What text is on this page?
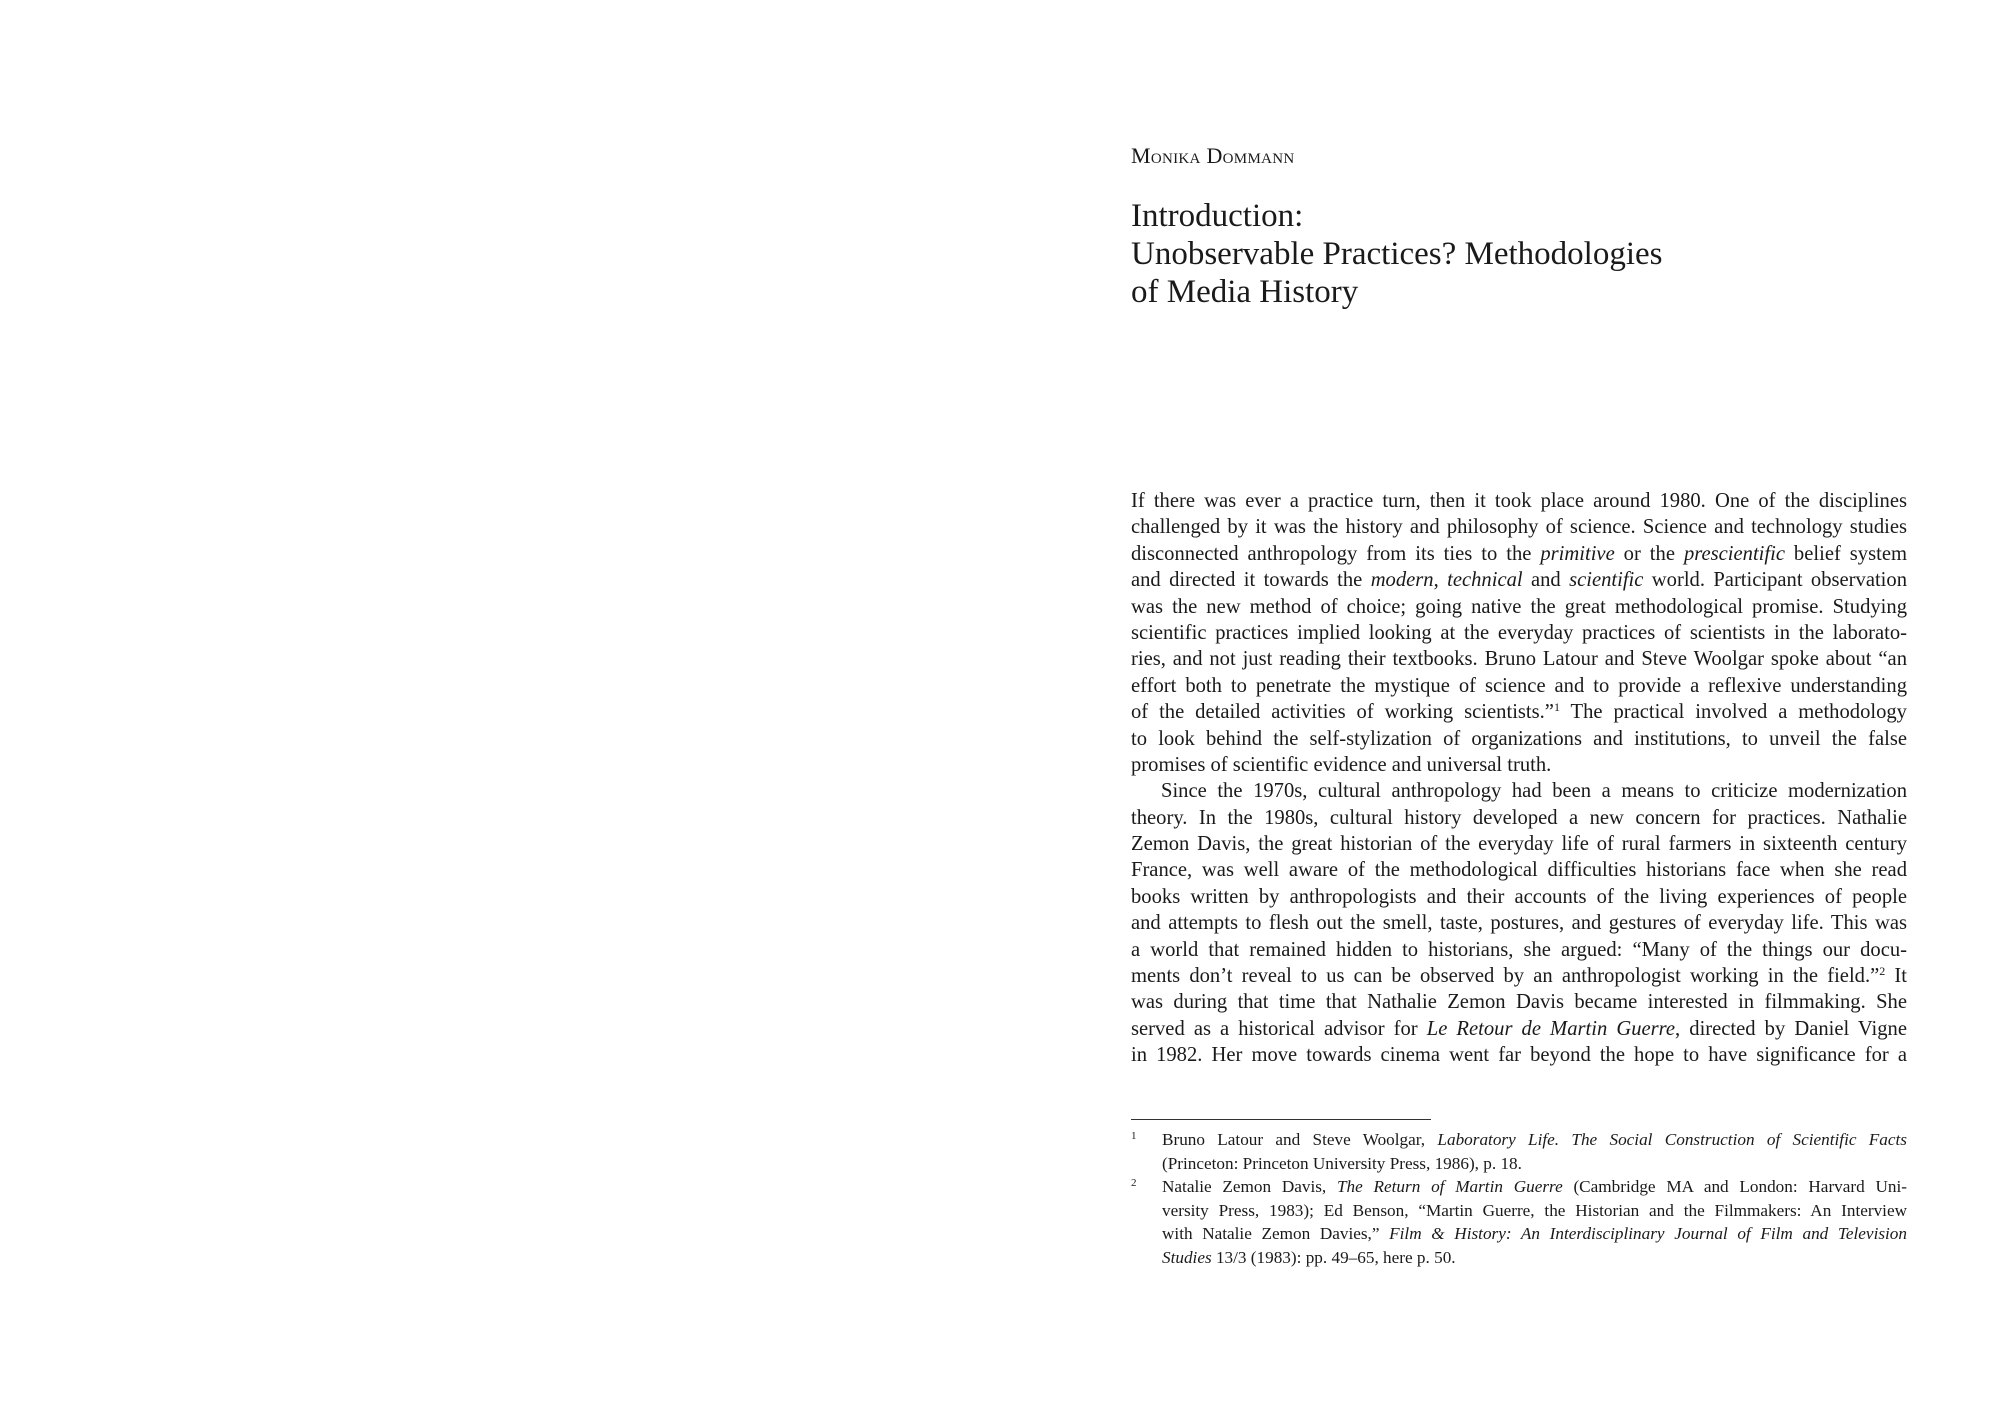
Monika Dommann
Introduction:
Unobservable Practices? Methodologies
of Media History
If there was ever a practice turn, then it took place around 1980. One of the disciplines
challenged by it was the history and philosophy of science. Science and technology studies
disconnected anthropology from its ties to the primitive or the prescientific belief system
and directed it towards the modern, technical and scientific world. Participant observation
was the new method of choice; going native the great methodological promise. Studying
scientific practices implied looking at the everyday practices of scientists in the laborato-
ries, and not just reading their textbooks. Bruno Latour and Steve Woolgar spoke about “an
effort both to penetrate the mystique of science and to provide a reflexive understanding
of the detailed activities of working scientists.”$^1$ The practical involved a methodology
to look behind the self-stylization of organizations and institutions, to unveil the false
promises of scientific evidence and universal truth.
Since the 1970s, cultural anthropology had been a means to criticize modernization
theory. In the 1980s, cultural history developed a new concern for practices. Nathalie
Zemon Davis, the great historian of the everyday life of rural farmers in sixteenth century
France, was well aware of the methodological difficulties historians face when she read
books written by anthropologists and their accounts of the living experiences of people
and attempts to flesh out the smell, taste, postures, and gestures of everyday life. This was
a world that remained hidden to historians, she argued: “Many of the things our docu-
ments don’t reveal to us can be observed by an anthropologist working in the field.”$^2$ It
was during that time that Nathalie Zemon Davis became interested in filmmaking. She
served as a historical advisor for Le Retour de Martin Guerre, directed by Daniel Vigne
in 1982. Her move towards cinema went far beyond the hope to have significance for a
1 Bruno Latour and Steve Woolgar, Laboratory Life. The Social Construction of Scientific Facts
(Princeton: Princeton University Press, 1986), p. 18.
2 Natalie Zemon Davis, The Return of Martin Guerre (Cambridge MA and London: Harvard Uni-
versity Press, 1983); Ed Benson, “Martin Guerre, the Historian and the Filmmakers: An Interview
with Natalie Zemon Davies,” Film & History: An Interdisciplinary Journal of Film and Television
Studies 13/3 (1983): pp. 49–65, here p. 50.
